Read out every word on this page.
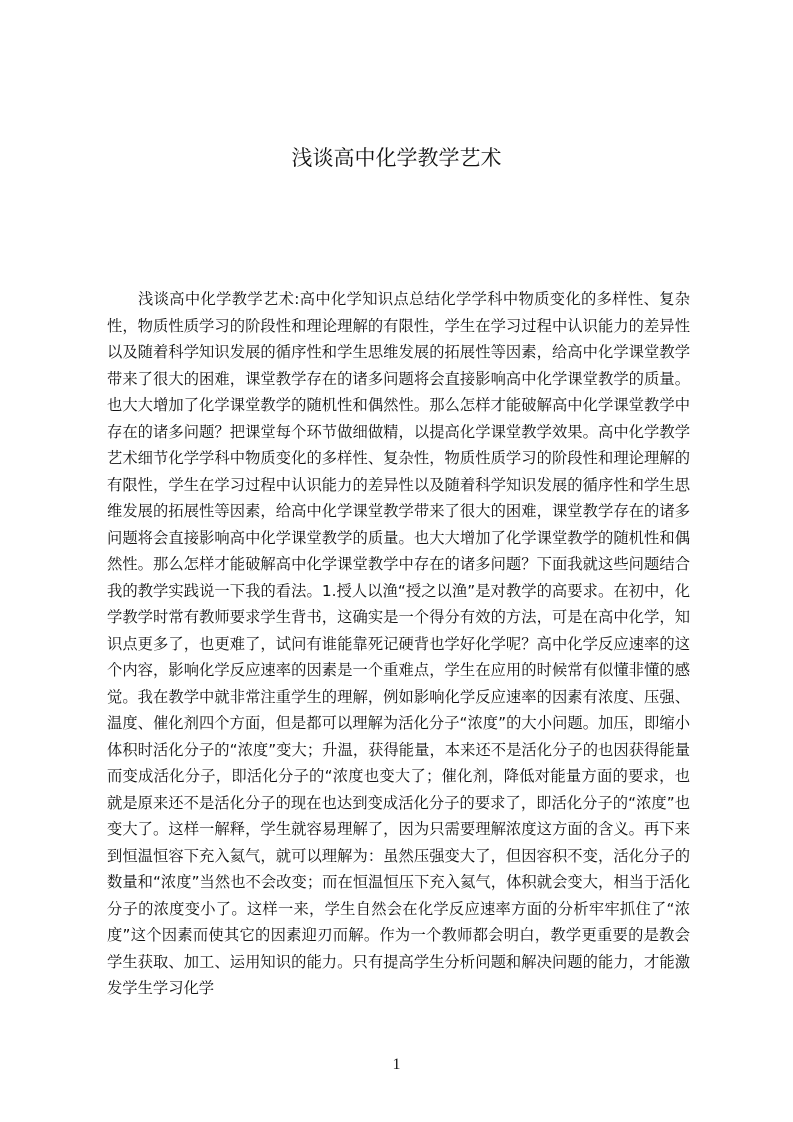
浅谈高中化学教学艺术

浅谈高中化学教学艺术:高中化学知识点总结化学学科中物质变化的多样性、复杂性，物质性质学习的阶段性和理论理解的有限性，学生在学习过程中认识能力的差异性以及随着科学知识发展的循序性和学生思维发展的拓展性等因素，给高中化学课堂教学带来了很大的困难，课堂教学存在的诸多问题将会直接影响高中化学课堂教学的质量。也大大增加了化学课堂教学的随机性和偶然性。那么怎样才能破解高中化学课堂教学中存在的诸多问题？把课堂每个环节做细做精，以提高化学课堂教学效果。高中化学教学艺术细节化学学科中物质变化的多样性、复杂性，物质性质学习的阶段性和理论理解的有限性，学生在学习过程中认识能力的差异性以及随着科学知识发展的循序性和学生思维发展的拓展性等因素，给高中化学课堂教学带来了很大的困难，课堂教学存在的诸多问题将会直接影响高中化学课堂教学的质量。也大大增加了化学课堂教学的随机性和偶然性。那么怎样才能破解高中化学课堂教学中存在的诸多问题？下面我就这些问题结合我的教学实践说一下我的看法。1.授人以渔“授之以渔”是对教学的高要求。在初中，化学教学时常有教师要求学生背书，这确实是一个得分有效的方法，可是在高中化学，知识点更多了，也更难了，试问有谁能靠死记硬背也学好化学呢？高中化学反应速率的这个内容，影响化学反应速率的因素是一个重难点，学生在应用的时候常有似懂非懂的感觉。我在教学中就非常注重学生的理解，例如影响化学反应速率的因素有浓度、压强、温度、催化剂四个方面，但是都可以理解为活化分子“浓度”的大小问题。加压，即缩小体积时活化分子的“浓度”变大；升温，获得能量，本来还不是活化分子的也因获得能量而变成活化分子，即活化分子的“浓度也变大了；催化剂，降低对能量方面的要求，也就是原来还不是活化分子的现在也达到变成活化分子的要求了，即活化分子的“浓度”也变大了。这样一解释，学生就容易理解了，因为只需要理解浓度这方面的含义。再下来到恒温恒容下充入氦气，就可以理解为：虽然压强变大了，但因容积不变，活化分子的数量和“浓度”当然也不会改变；而在恒温恒压下充入氦气，体积就会变大，相当于活化分子的浓度变小了。这样一来，学生自然会在化学反应速率方面的分析牢牢抓住了“浓度”这个因素而使其它的因素迎刃而解。作为一个教师都会明白，教学更重要的是教会学生获取、加工、运用知识的能力。只有提高学生分析问题和解决问题的能力，才能激发学生学习化学

1
